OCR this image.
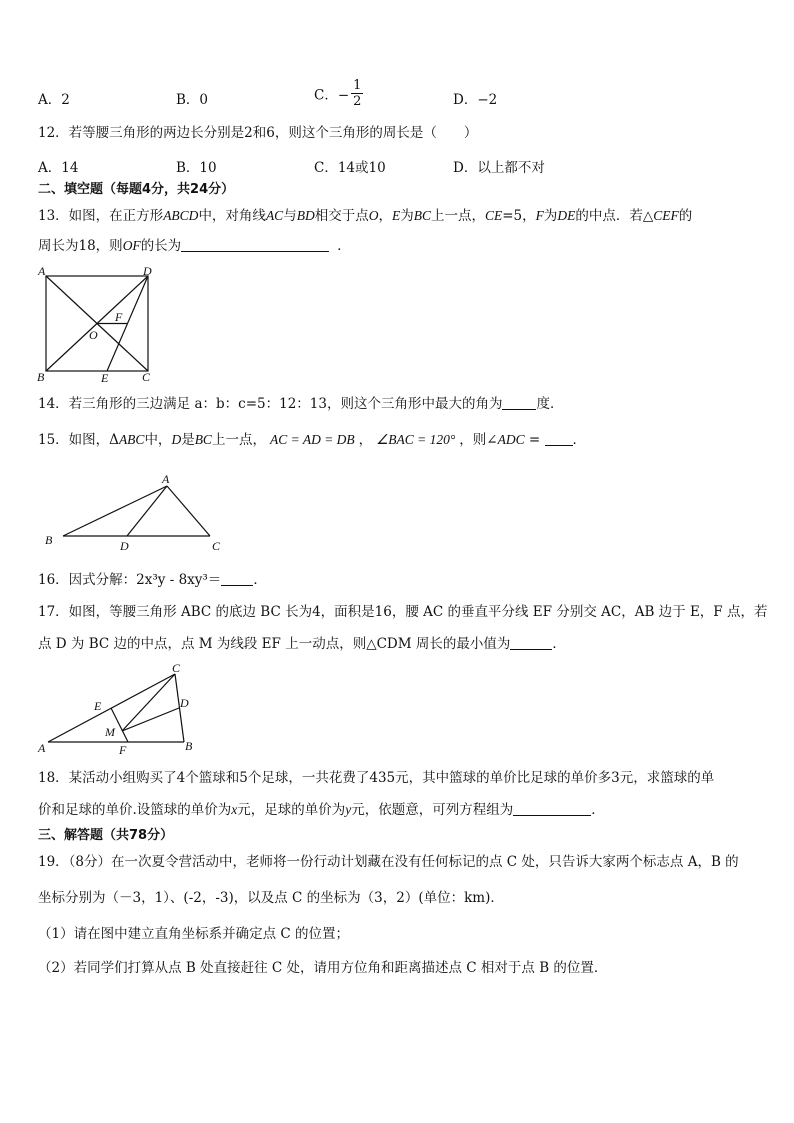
A．2	B．0	C．− $\frac{1}{2}$	D．−2
12．若等腰三角形的两边长分别是2和6，则这个三角形的周长是（　　）
A．14	B．10	C．14或10	D．以上都不对
二、填空题（每题4分，共24分）
13．如图，在正方形ABCD中，对角线AC与BD相交于点O，E为BC上一点，CE=5，F为DE的中点．若△CEF的
周长为18，则OF的长为	．
A	D
B	C
E
F
O
14．若三角形的三边满足 a：b：c=5：12：13，则这个三角形中最大的角为	度．
15．如图，ΔABC中，D是BC上一点， AC = AD = DB ， ∠BAC = 120° ，则∠ADC = ．
A
B	D	C
16．因式分解：2x³y - 8xy³＝ ．
17．如图，等腰三角形 ABC 的底边 BC 长为4，面积是16，腰 AC 的垂直平分线 EF 分别交 AC，AB 边于 E，F 点，若
点 D 为 BC 边的中点，点 M 为线段 EF 上一动点，则△CDM 周长的最小值为	．
C
E	D
M
A	F	B
18．某活动小组购买了4个篮球和5个足球，一共花费了435元，其中篮球的单价比足球的单价多3元，求篮球的单
价和足球的单价.设篮球的单价为x元，足球的单价为y元，依题意，可列方程组为	．
三、解答题（共78分）
19．（8分）在一次夏令营活动中，老师将一份行动计划藏在没有任何标记的点 C 处，只告诉大家两个标志点 A，B 的
坐标分别为（－3，1）、(-2，-3)，以及点 C 的坐标为（3，2）(单位：km)．
（1）请在图中建立直角坐标系并确定点 C 的位置；
（2）若同学们打算从点 B 处直接赶往 C 处，请用方位角和距离描述点 C 相对于点 B 的位置．
